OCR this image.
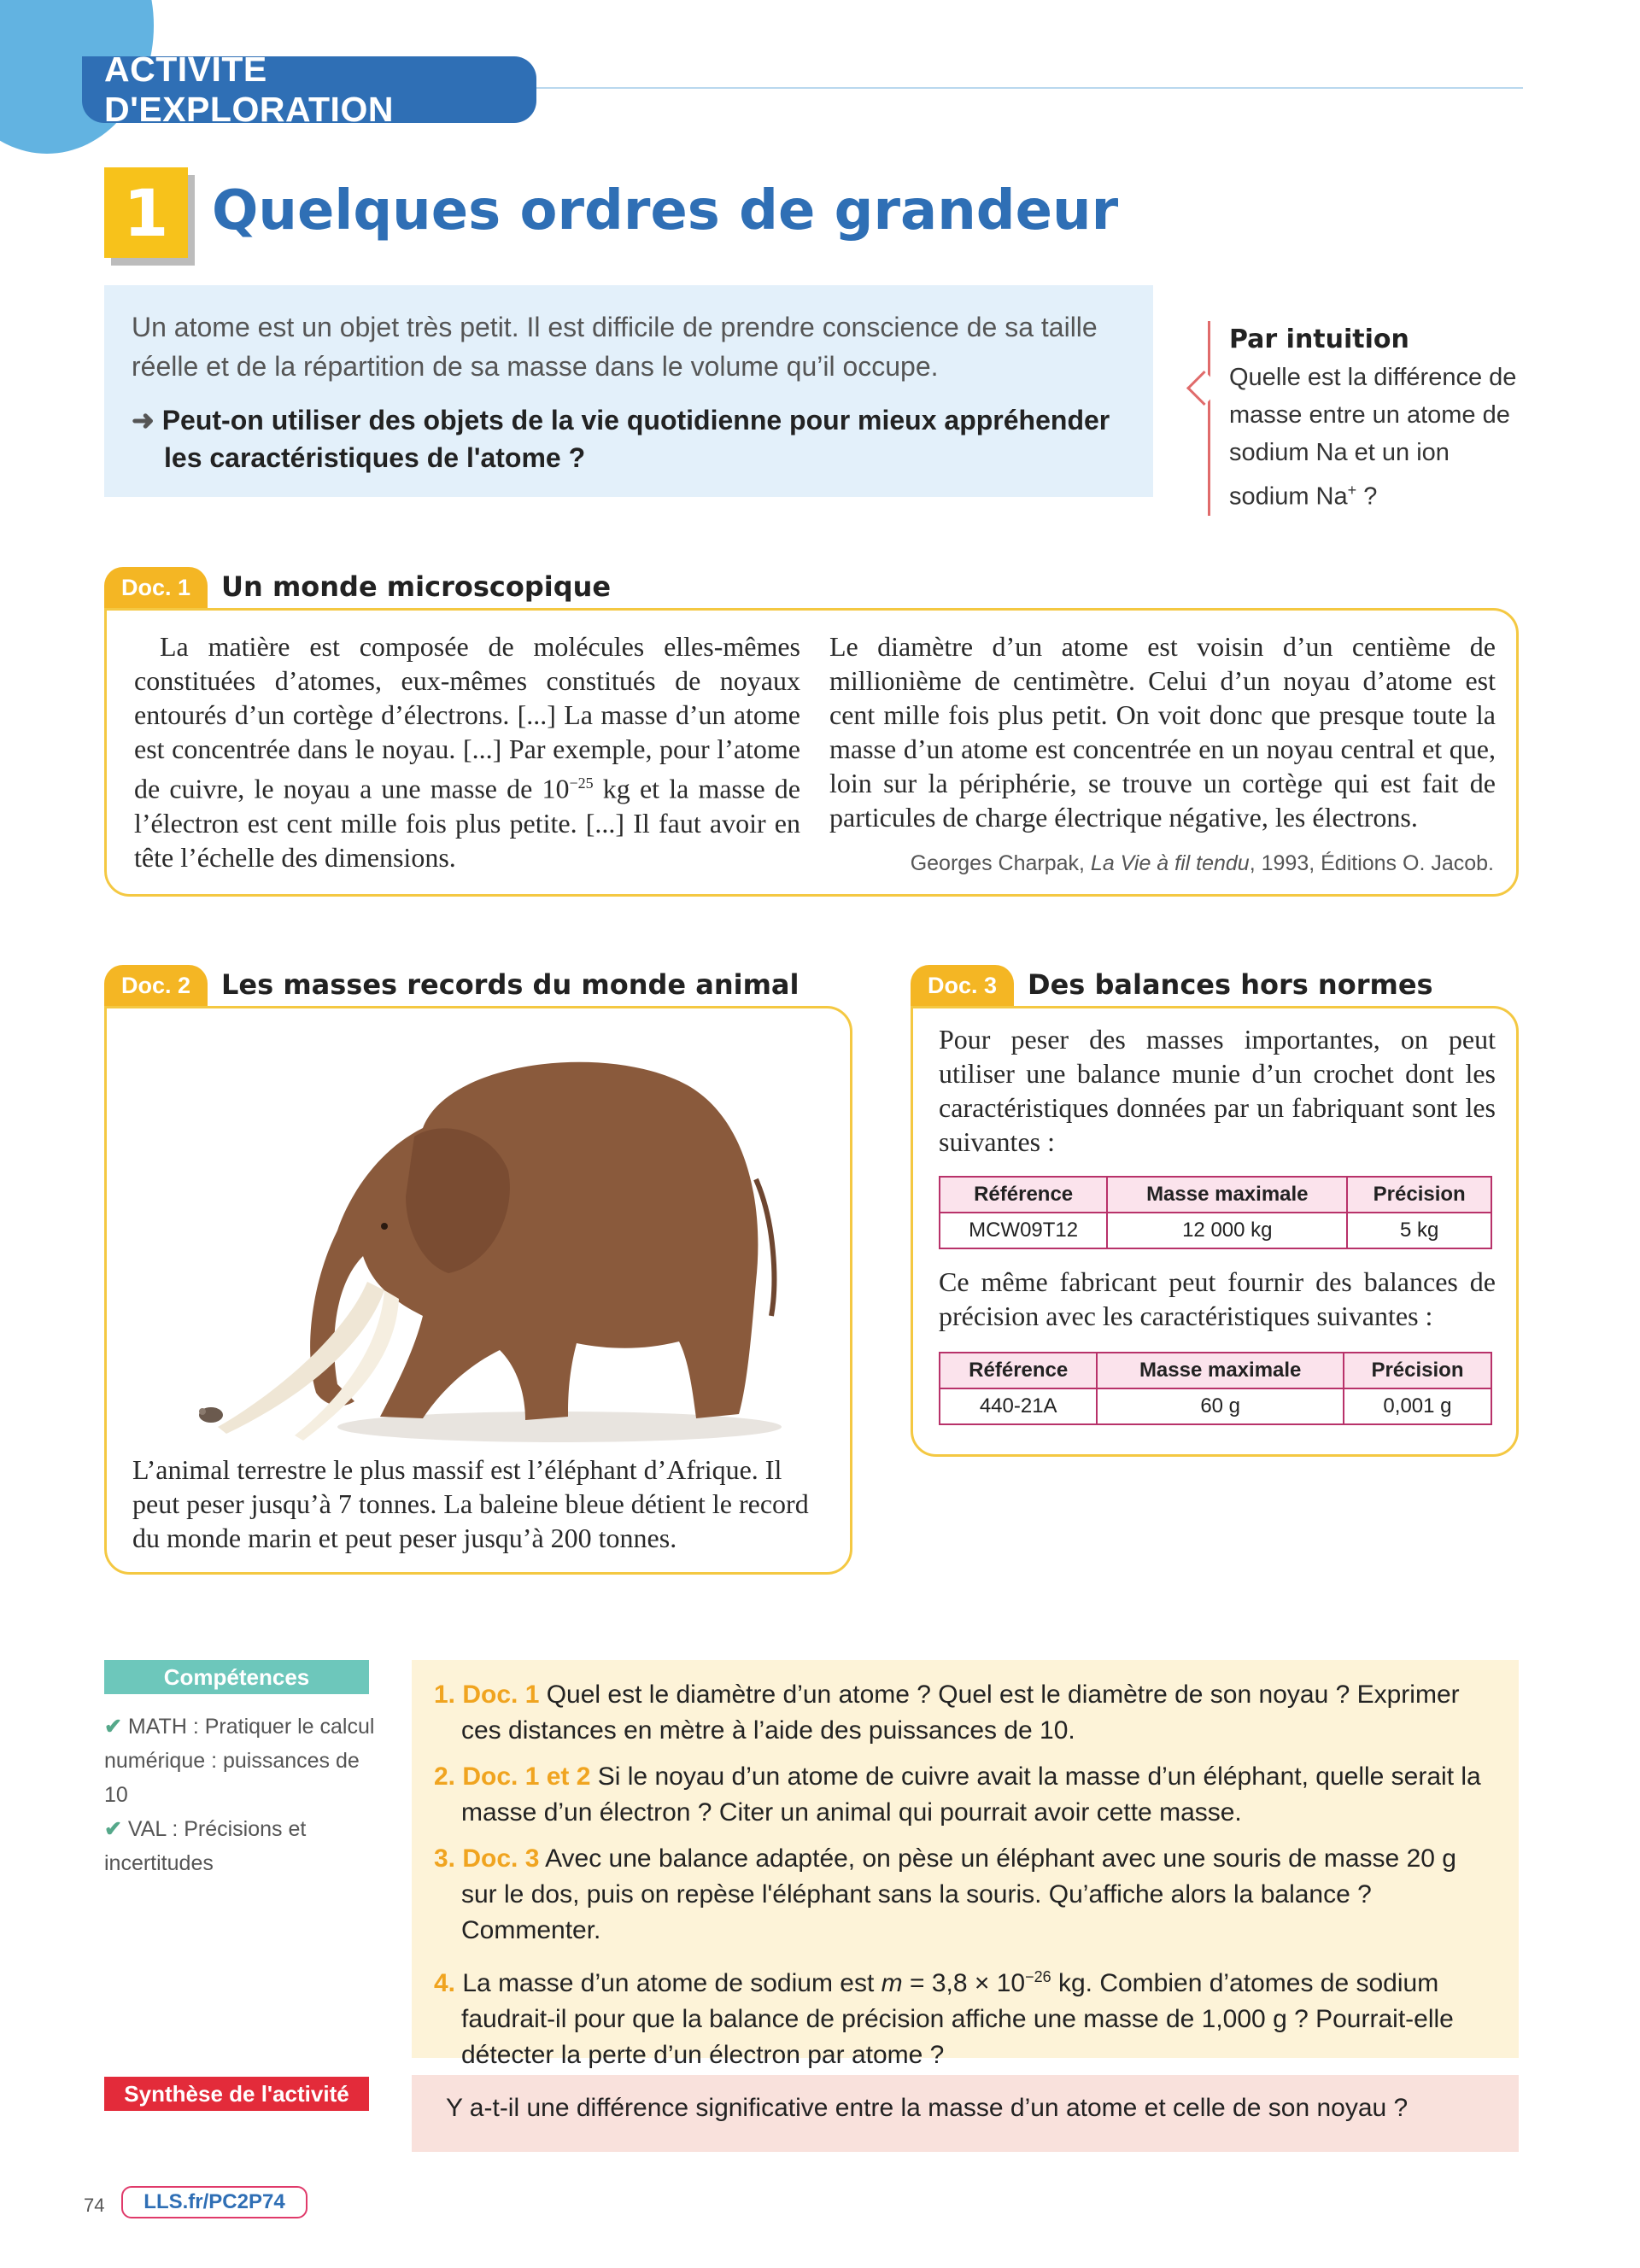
ACTIVITÉ D'EXPLORATION
1 Quelques ordres de grandeur
Un atome est un objet très petit. Il est difficile de prendre conscience de sa taille réelle et de la répartition de sa masse dans le volume qu’il occupe.
➜ Peut-on utiliser des objets de la vie quotidienne pour mieux appréhender les caractéristiques de l'atome ?
Par intuition
Quelle est la différence de masse entre un atome de sodium Na et un ion sodium Na+ ?
Doc. 1	Un monde microscopique
La matière est composée de molécules elles-mêmes constituées d’atomes, eux-mêmes constitués de noyaux entourés d’un cortège d’électrons. [...] La masse d’un atome est concentrée dans le noyau. [...] Par exemple, pour l’atome de cuivre, le noyau a une masse de $10^{-25}$ kg et la masse de l’électron est cent mille fois plus petite. [...] Il faut avoir en tête l’échelle des dimensions.
Le diamètre d’un atome est voisin d’un centième de millionième de centimètre. Celui d’un noyau d’atome est cent mille fois plus petit. On voit donc que presque toute la masse d’un atome est concentrée en un noyau central et que, loin sur la périphérie, se trouve un cortège qui est fait de particules de charge électrique négative, les électrons.
Georges Charpak, La Vie à fil tendu, 1993, Éditions O. Jacob.
Doc. 2	Les masses records du monde animal
L’animal terrestre le plus massif est l’éléphant d’Afrique. Il peut peser jusqu’à 7 tonnes. La baleine bleue détient le record du monde marin et peut peser jusqu’à 200 tonnes.
Doc. 3	Des balances hors normes
Pour peser des masses importantes, on peut utiliser une balance munie d’un crochet dont les caractéristiques données par un fabriquant sont les suivantes :
Référence	Masse maximale	Précision
MCW09T12	12 000 kg	5 kg
Ce même fabricant peut fournir des balances de précision avec les caractéristiques suivantes :
Référence	Masse maximale	Précision
440-21A	60 g	0,001 g
Compétences
✔ MATH : Pratiquer le calcul numérique : puissances de 10
✔ VAL : Précisions et incertitudes
1. Doc. 1 Quel est le diamètre d’un atome ? Quel est le diamètre de son noyau ? Exprimer ces distances en mètre à l’aide des puissances de 10.
2. Doc. 1 et 2 Si le noyau d’un atome de cuivre avait la masse d’un éléphant, quelle serait la masse d’un électron ? Citer un animal qui pourrait avoir cette masse.
3. Doc. 3 Avec une balance adaptée, on pèse un éléphant avec une souris de masse 20 g sur le dos, puis on repèse l'éléphant sans la souris. Qu’affiche alors la balance ? Commenter.
4. La masse d’un atome de sodium est $m = 3,8 \times 10^{-26}$ kg. Combien d’atomes de sodium faudrait-il pour que la balance de précision affiche une masse de 1,000 g ? Pourrait-elle détecter la perte d’un électron par atome ?
Synthèse de l'activité
Y a-t-il une différence significative entre la masse d’un atome et celle de son noyau ?
74	LLS.fr/PC2P74
